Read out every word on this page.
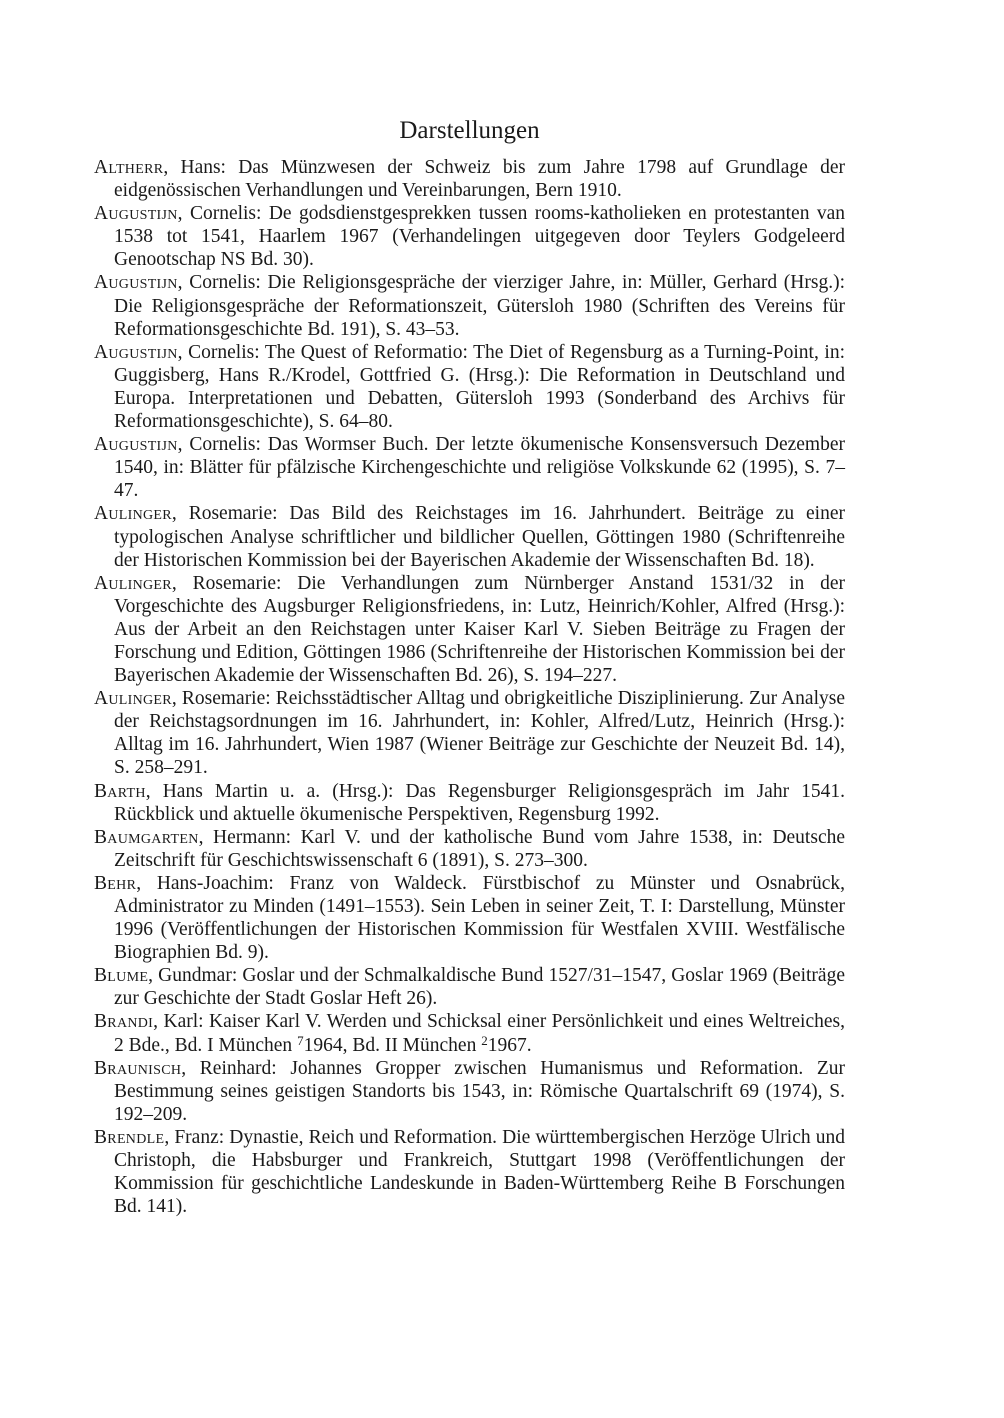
Darstellungen
Altherr, Hans: Das Münzwesen der Schweiz bis zum Jahre 1798 auf Grundlage der eidgenössischen Verhandlungen und Vereinbarungen, Bern 1910.
Augustijn, Cornelis: De godsdienstgesprekken tussen rooms-katholieken en protestanten van 1538 tot 1541, Haarlem 1967 (Verhandelingen uitgegeven door Teylers Godgeleerd Genootschap NS Bd. 30).
Augustijn, Cornelis: Die Religionsgespräche der vierziger Jahre, in: Müller, Gerhard (Hrsg.): Die Religionsgespräche der Reformationszeit, Gütersloh 1980 (Schriften des Vereins für Reformationsgeschichte Bd. 191), S. 43–53.
Augustijn, Cornelis: The Quest of Reformatio: The Diet of Regensburg as a Turning-Point, in: Guggisberg, Hans R./Krodel, Gottfried G. (Hrsg.): Die Reformation in Deutschland und Europa. Interpretationen und Debatten, Gütersloh 1993 (Sonderband des Archivs für Reformationsgeschichte), S. 64–80.
Augustijn, Cornelis: Das Wormser Buch. Der letzte ökumenische Konsensversuch Dezember 1540, in: Blätter für pfälzische Kirchengeschichte und religiöse Volkskunde 62 (1995), S. 7–47.
Aulinger, Rosemarie: Das Bild des Reichstages im 16. Jahrhundert. Beiträge zu einer typologischen Analyse schriftlicher und bildlicher Quellen, Göttingen 1980 (Schriftenreihe der Historischen Kommission bei der Bayerischen Akademie der Wissenschaften Bd. 18).
Aulinger, Rosemarie: Die Verhandlungen zum Nürnberger Anstand 1531/32 in der Vorgeschichte des Augsburger Religionsfriedens, in: Lutz, Heinrich/Kohler, Alfred (Hrsg.): Aus der Arbeit an den Reichstagen unter Kaiser Karl V. Sieben Beiträge zu Fragen der Forschung und Edition, Göttingen 1986 (Schriftenreihe der Historischen Kommission bei der Bayerischen Akademie der Wissenschaften Bd. 26), S. 194–227.
Aulinger, Rosemarie: Reichsstädtischer Alltag und obrigkeitliche Disziplinierung. Zur Analyse der Reichstagsordnungen im 16. Jahrhundert, in: Kohler, Alfred/Lutz, Heinrich (Hrsg.): Alltag im 16. Jahrhundert, Wien 1987 (Wiener Beiträge zur Geschichte der Neuzeit Bd. 14), S. 258–291.
Barth, Hans Martin u. a. (Hrsg.): Das Regensburger Religionsgespräch im Jahr 1541. Rückblick und aktuelle ökumenische Perspektiven, Regensburg 1992.
Baumgarten, Hermann: Karl V. und der katholische Bund vom Jahre 1538, in: Deutsche Zeitschrift für Geschichtswissenschaft 6 (1891), S. 273–300.
Behr, Hans-Joachim: Franz von Waldeck. Fürstbischof zu Münster und Osnabrück, Administrator zu Minden (1491–1553). Sein Leben in seiner Zeit, T. I: Darstellung, Münster 1996 (Veröffentlichungen der Historischen Kommission für Westfalen XVIII. Westfälische Biographien Bd. 9).
Blume, Gundmar: Goslar und der Schmalkaldische Bund 1527/31–1547, Goslar 1969 (Beiträge zur Geschichte der Stadt Goslar Heft 26).
Brandi, Karl: Kaiser Karl V. Werden und Schicksal einer Persönlichkeit und eines Weltreiches, 2 Bde., Bd. I München $^7$1964, Bd. II München $^2$1967.
Braunisch, Reinhard: Johannes Gropper zwischen Humanismus und Reformation. Zur Bestimmung seines geistigen Standorts bis 1543, in: Römische Quartalschrift 69 (1974), S. 192–209.
Brendle, Franz: Dynastie, Reich und Reformation. Die württembergischen Herzöge Ulrich und Christoph, die Habsburger und Frankreich, Stuttgart 1998 (Veröffentlichungen der Kommission für geschichtliche Landeskunde in Baden-Württemberg Reihe B Forschungen Bd. 141).
